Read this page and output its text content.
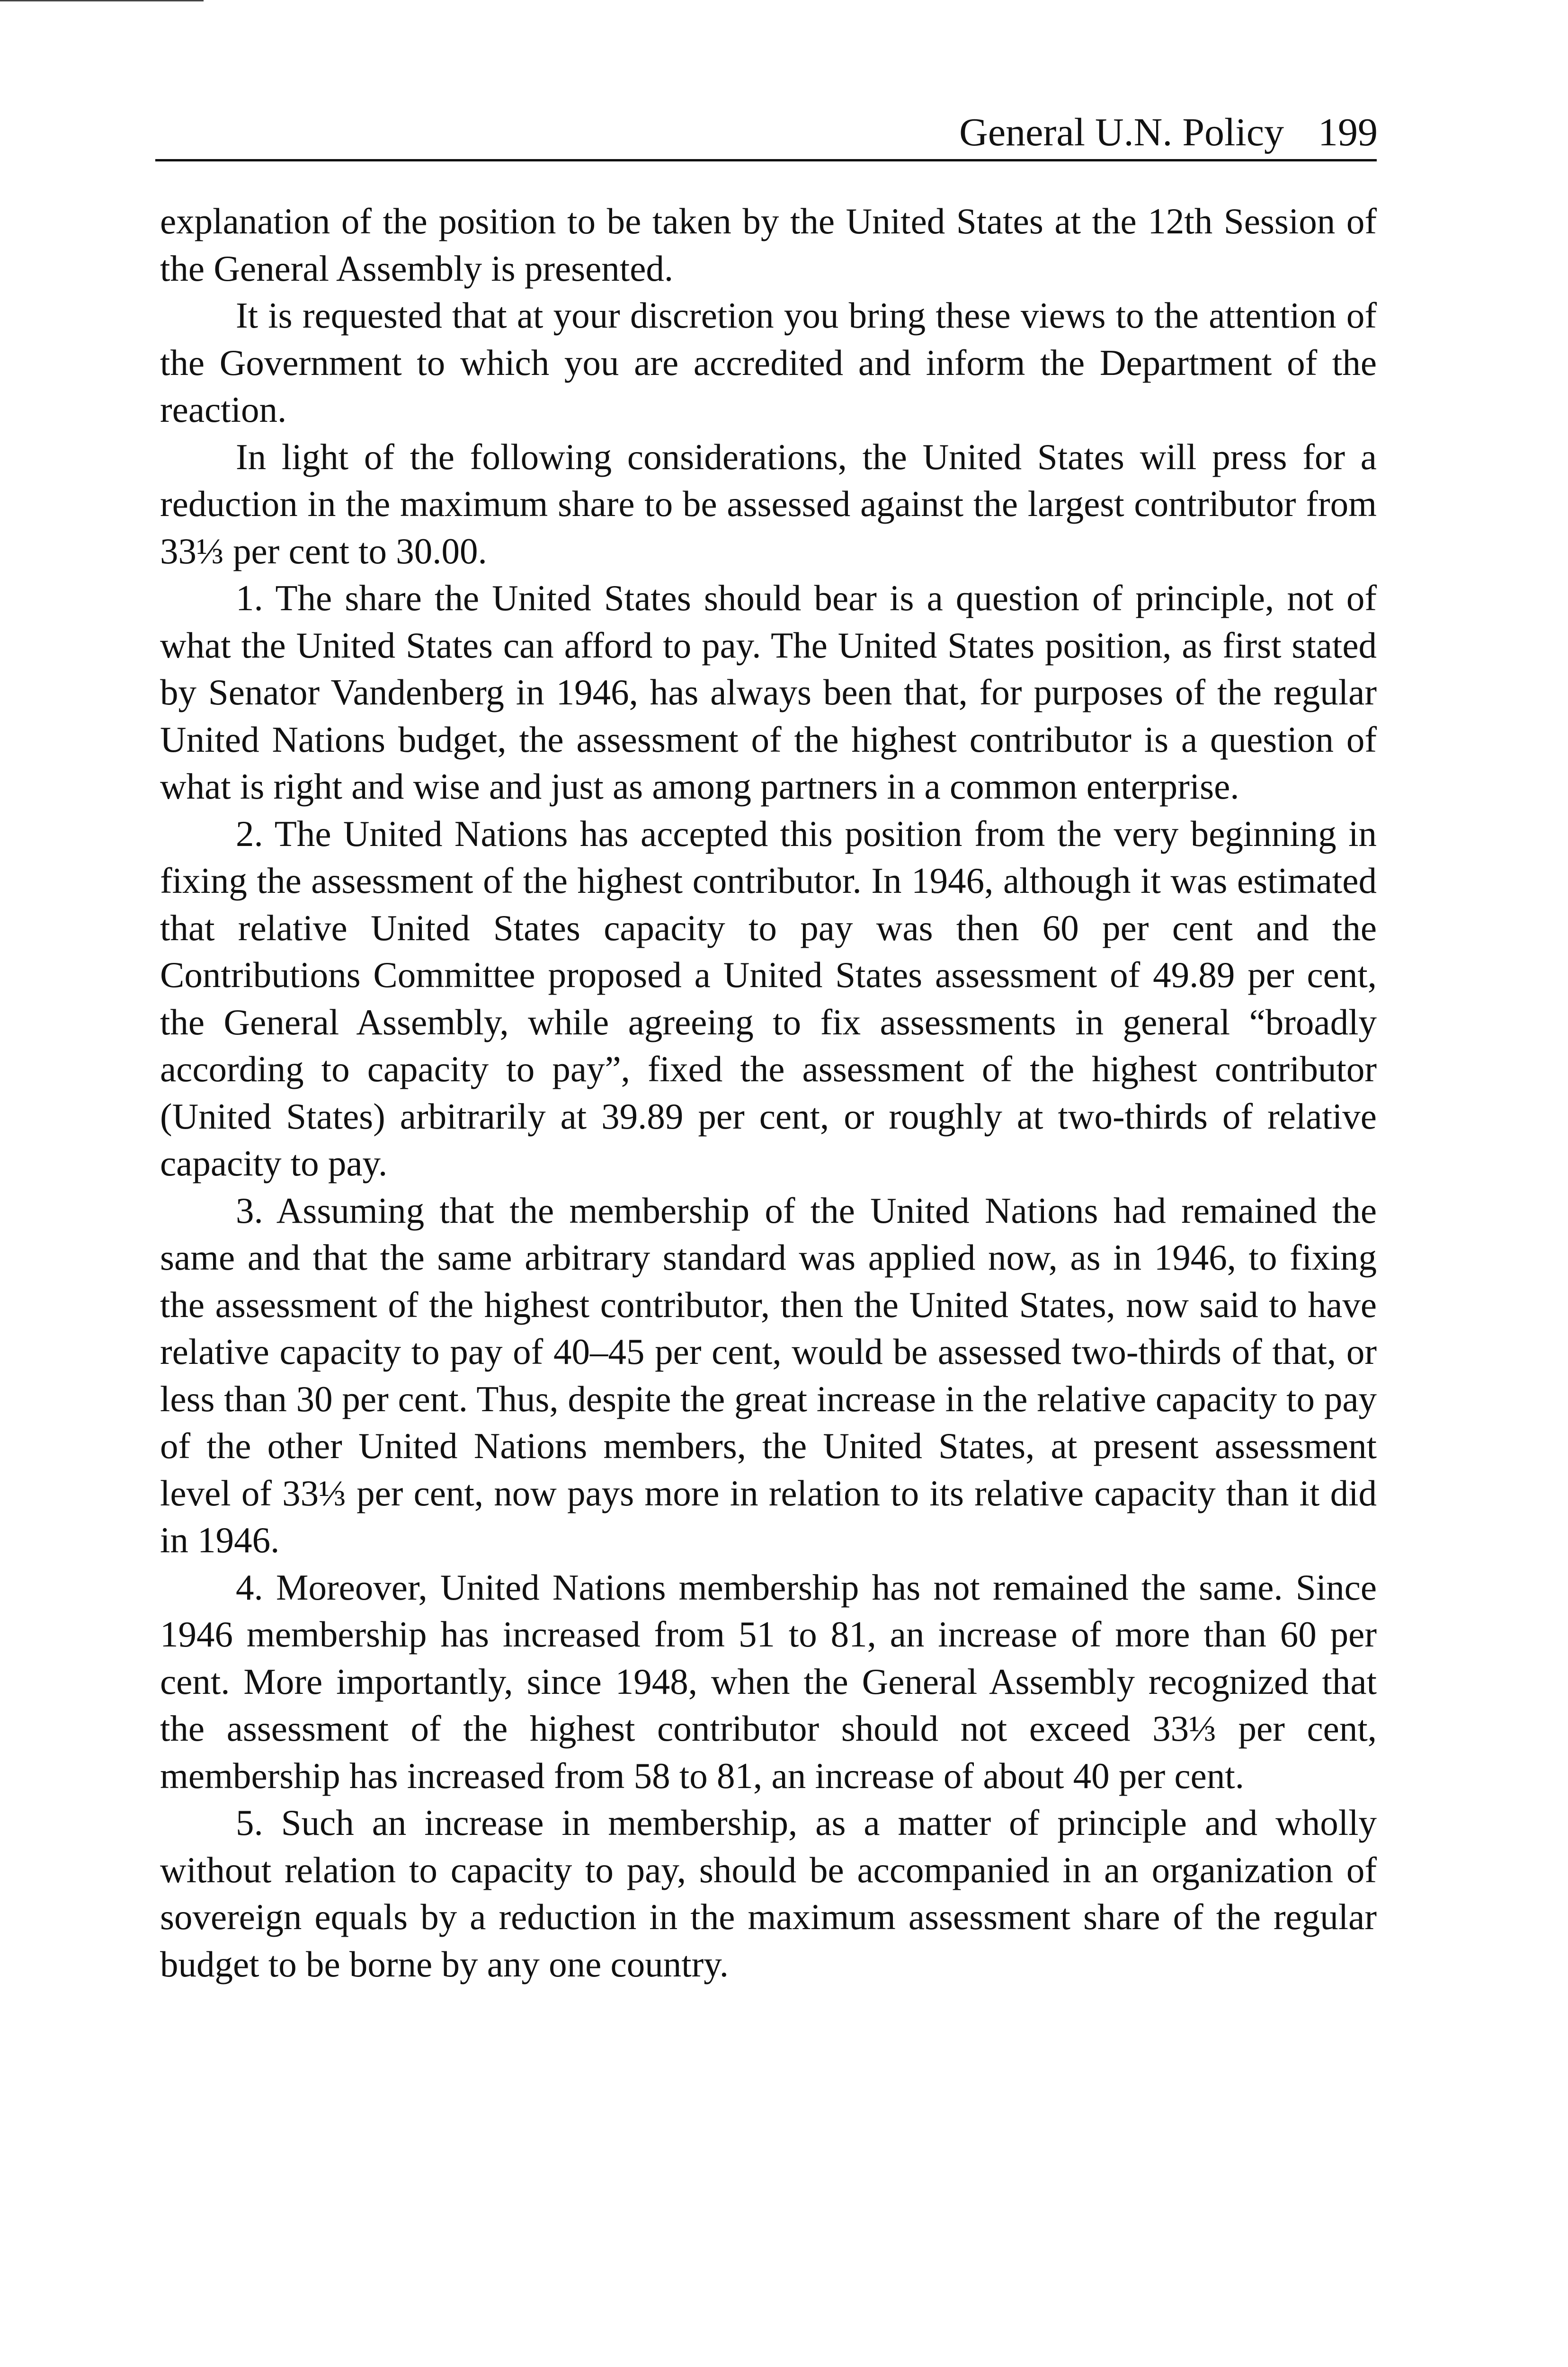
General U.N. Policy 199

explanation of the position to be taken by the United States at the 12th Session of the General Assembly is presented.

It is requested that at your discretion you bring these views to the attention of the Government to which you are accredited and inform the Department of the reaction.

In light of the following considerations, the United States will press for a reduction in the maximum share to be assessed against the largest contributor from 33⅓ per cent to 30.00.

1. The share the United States should bear is a question of principle, not of what the United States can afford to pay. The United States position, as first stated by Senator Vandenberg in 1946, has always been that, for purposes of the regular United Nations budget, the assessment of the highest contributor is a question of what is right and wise and just as among partners in a common enterprise.

2. The United Nations has accepted this position from the very beginning in fixing the assessment of the highest contributor. In 1946, although it was estimated that relative United States capacity to pay was then 60 per cent and the Contributions Committee proposed a United States assessment of 49.89 per cent, the General Assembly, while agreeing to fix assessments in general “broadly according to capacity to pay”, fixed the assessment of the highest contributor (United States) arbitrarily at 39.89 per cent, or roughly at two-thirds of relative capacity to pay.

3. Assuming that the membership of the United Nations had remained the same and that the same arbitrary standard was applied now, as in 1946, to fixing the assessment of the highest contributor, then the United States, now said to have relative capacity to pay of 40–45 per cent, would be assessed two-thirds of that, or less than 30 per cent. Thus, despite the great increase in the relative capacity to pay of the other United Nations members, the United States, at present assessment level of 33⅓ per cent, now pays more in relation to its relative capacity than it did in 1946.

4. Moreover, United Nations membership has not remained the same. Since 1946 membership has increased from 51 to 81, an increase of more than 60 per cent. More importantly, since 1948, when the General Assembly recognized that the assessment of the highest contributor should not exceed 33⅓ per cent, membership has increased from 58 to 81, an increase of about 40 per cent.

5. Such an increase in membership, as a matter of principle and wholly without relation to capacity to pay, should be accompanied in an organization of sovereign equals by a reduction in the maximum assessment share of the regular budget to be borne by any one country.
